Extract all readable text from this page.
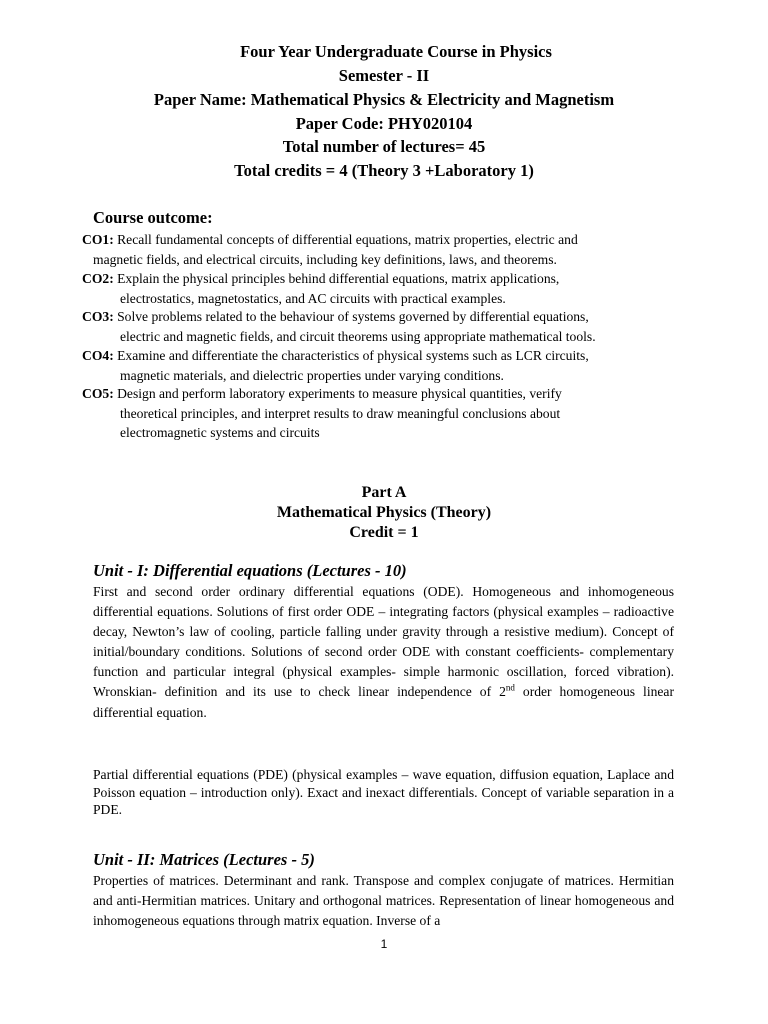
Four Year Undergraduate Course in Physics
Semester - II
Paper Name: Mathematical Physics & Electricity and Magnetism
Paper Code: PHY020104
Total number of lectures= 45
Total credits = 4 (Theory 3 +Laboratory 1)
Course outcome:
CO1: Recall fundamental concepts of differential equations, matrix properties, electric and
magnetic fields, and electrical circuits, including key definitions, laws, and theorems.
CO2: Explain the physical principles behind differential equations, matrix applications,
electrostatics, magnetostatics, and AC circuits with practical examples.
CO3: Solve problems related to the behaviour of systems governed by differential equations,
electric and magnetic fields, and circuit theorems using appropriate mathematical tools.
CO4: Examine and differentiate the characteristics of physical systems such as LCR circuits,
magnetic materials, and dielectric properties under varying conditions.
CO5: Design and perform laboratory experiments to measure physical quantities, verify
theoretical principles, and interpret results to draw meaningful conclusions about
electromagnetic systems and circuits
Part A
Mathematical Physics (Theory)
Credit = 1
Unit - I: Differential equations (Lectures - 10)
First and second order ordinary differential equations (ODE). Homogeneous and inhomogeneous differential equations. Solutions of first order ODE – integrating factors (physical examples – radioactive decay, Newton’s law of cooling, particle falling under gravity through a resistive medium). Concept of initial/boundary conditions. Solutions of second order ODE with constant coefficients- complementary function and particular integral (physical examples- simple harmonic oscillation, forced vibration). Wronskian- definition and its use to check linear independence of 2nd order homogeneous linear differential equation.
Partial differential equations (PDE) (physical examples – wave equation, diffusion equation, Laplace and Poisson equation – introduction only). Exact and inexact differentials. Concept of variable separation in a PDE.
Unit - II: Matrices (Lectures - 5)
Properties of matrices. Determinant and rank. Transpose and complex conjugate of matrices. Hermitian and anti-Hermitian matrices. Unitary and orthogonal matrices. Representation of linear homogeneous and inhomogeneous equations through matrix equation. Inverse of a
1
